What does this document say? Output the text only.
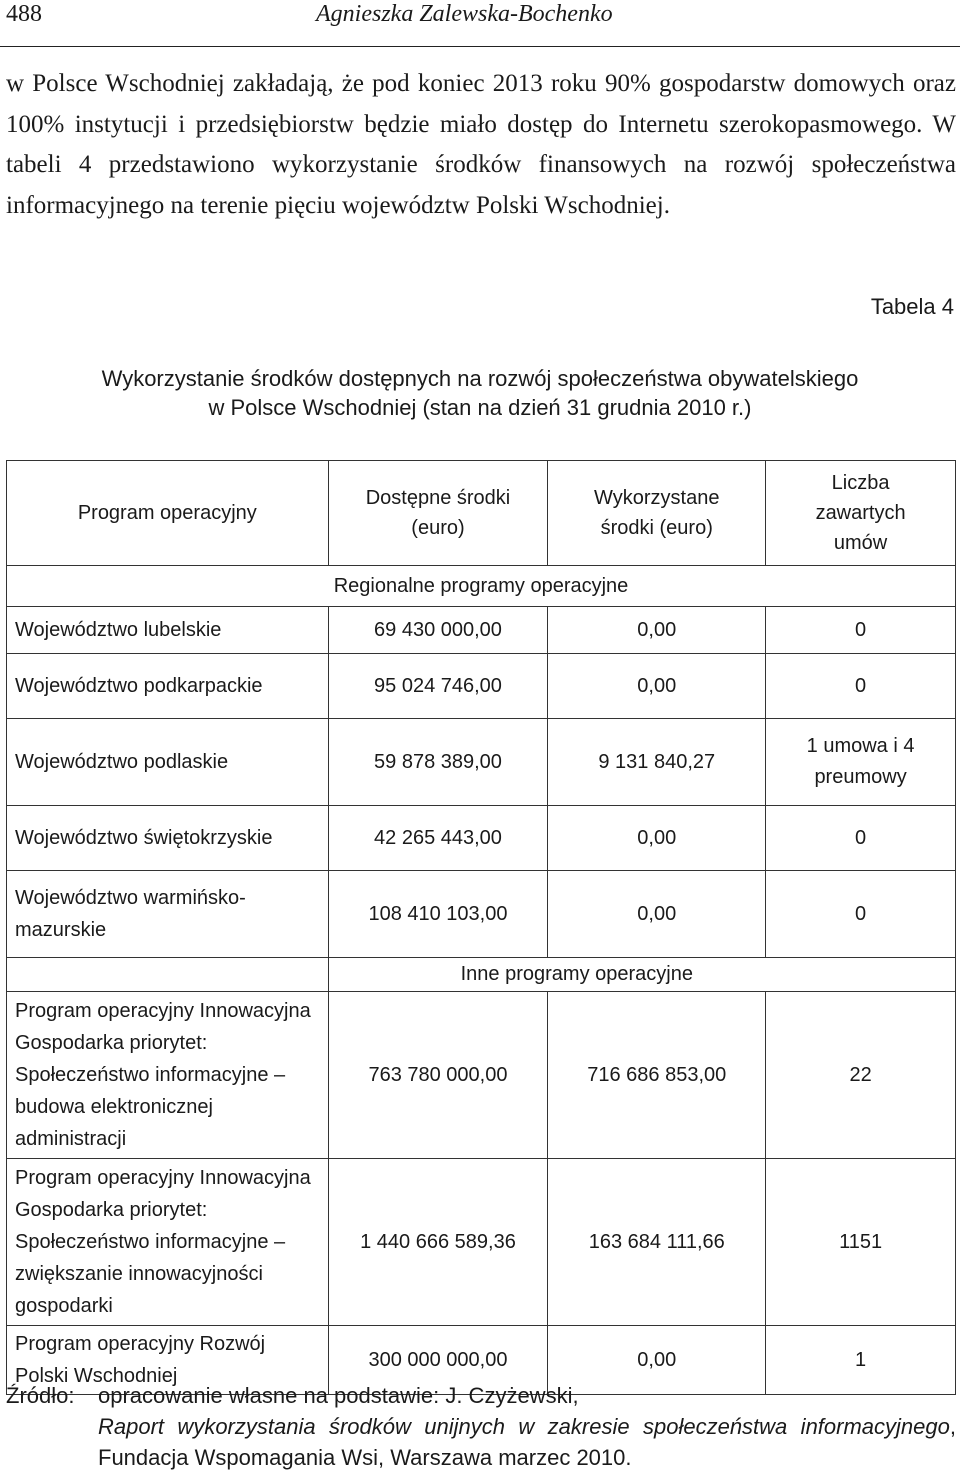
488	Agnieszka Zalewska-Bochenko

w Polsce Wschodniej zakładają, że pod koniec 2013 roku 90% gospodarstw domowych oraz 100% instytucji i przedsiębiorstw będzie miało dostęp do Internetu szerokopasmowego. W tabeli 4 przedstawiono wykorzystanie środków finansowych na rozwój społeczeństwa informacyjnego na terenie pięciu województw Polski Wschodniej.

Tabela 4
Wykorzystanie środków dostępnych na rozwój społeczeństwa obywatelskiego
w Polsce Wschodniej (stan na dzień 31 grudnia 2010 r.)
Program operacyjny	Dostępne środki (euro)	Wykorzystane środki (euro)	Liczba zawartych umów

Regionalne programy operacyjne			
Województwo lubelskie	69 430 000,00	0,00	0
Województwo podkarpackie	95 024 746,00	0,00	0
Województwo podlaskie	59 878 389,00	9 131 840,27	1 umowa i 4 preumowy

Województwo świętokrzyskie	42 265 443,00	0,00	0
Województwo warmińsko-mazurskie	108 410 103,00	0,00	0

	Inne programy operacyjne		

Program operacyjny Innowacyjna Gospodarka priorytet: Społeczeństwo informacyjne – budowa elektronicznej administracji	763 780 000,00	716 686 853,00	22
Program operacyjny Innowacyjna Gospodarka priorytet: Społeczeństwo informacyjne – zwiększanie innowacyjności gospodarki	1 440 666 589,36	163 684 111,66	1151
Program operacyjny Rozwój Polski Wschodniej	300 000 000,00	0,00	1
Źródło: opracowanie własne na podstawie: J. Czyżewski,
Raport wykorzystania środków unijnych w zakresie społeczeństwa informacyjnego, Fundacja Wspomagania Wsi, Warszawa marzec 2010.
